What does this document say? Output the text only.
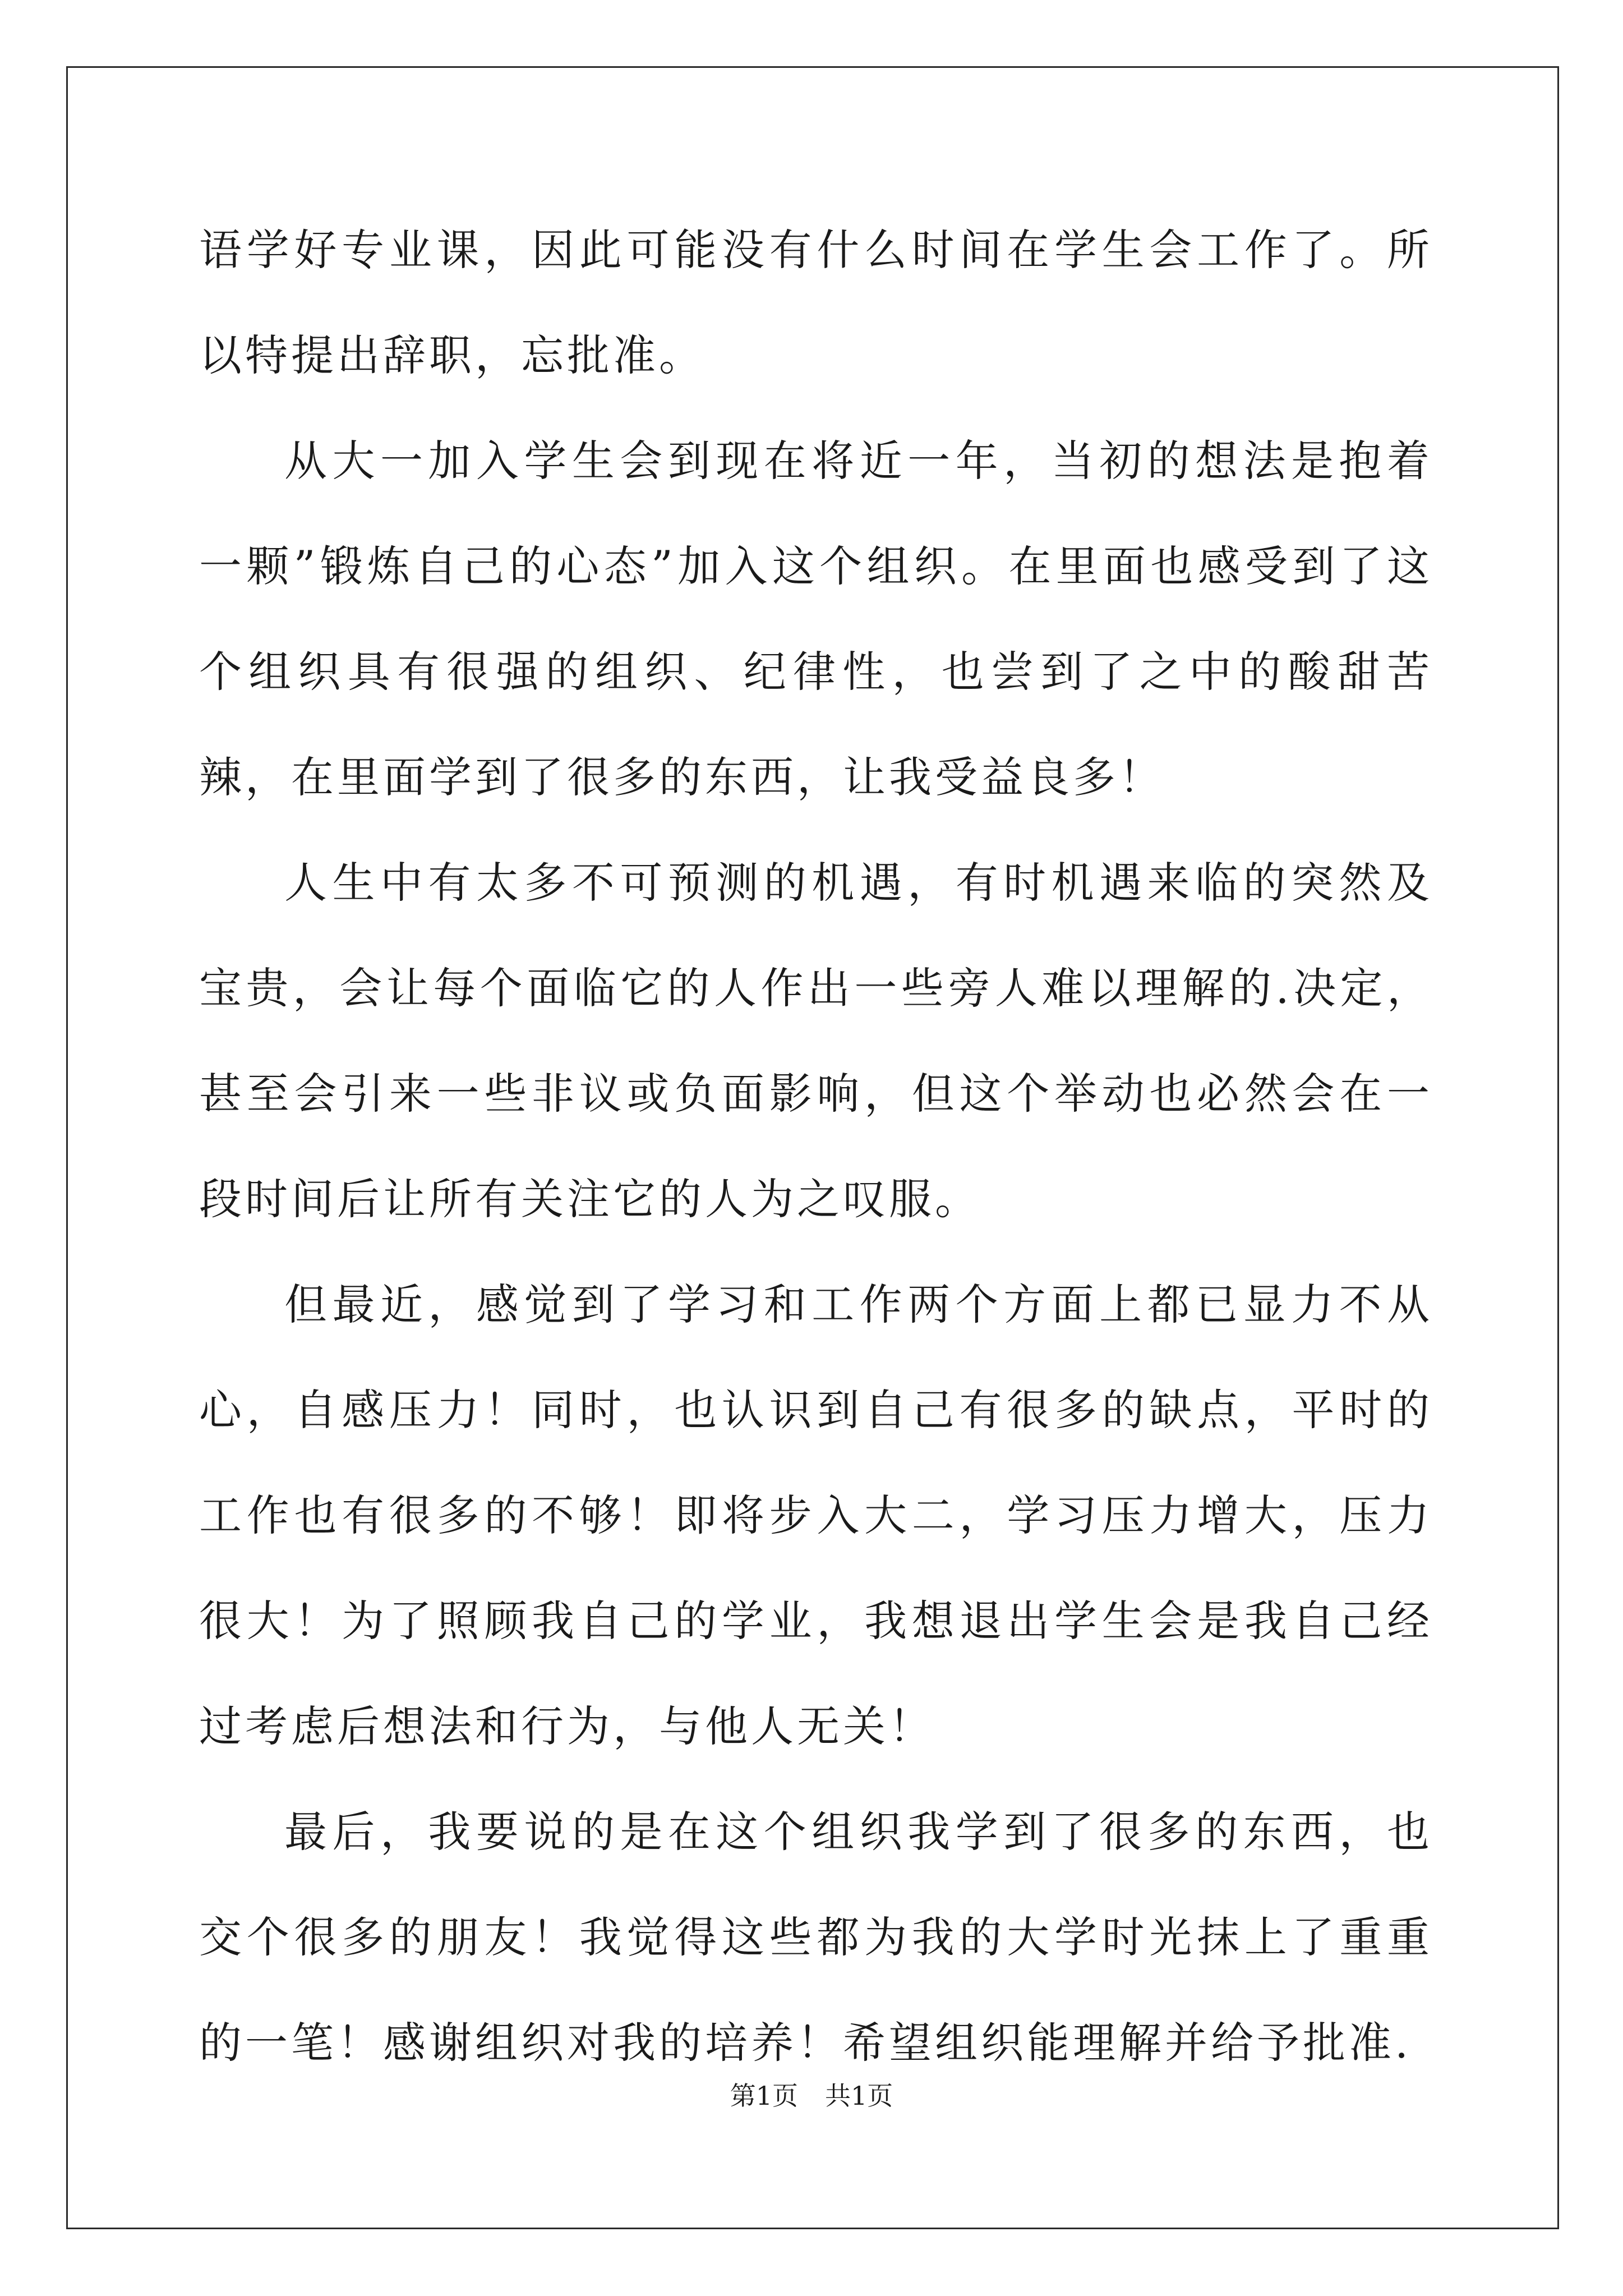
语学好专业课，因此可能没有什么时间在学生会工作了。所以特提出辞职，忘批准。

从大一加入学生会到现在将近一年，当初的想法是抱着一颗”锻炼自己的心态”加入这个组织。在里面也感受到了这个组织具有很强的组织、纪律性，也尝到了之中的酸甜苦辣，在里面学到了很多的东西，让我受益良多！

人生中有太多不可预测的机遇，有时机遇来临的突然及宝贵，会让每个面临它的人作出一些旁人难以理解的.决定，甚至会引来一些非议或负面影响，但这个举动也必然会在一段时间后让所有关注它的人为之叹服。

但最近，感觉到了学习和工作两个方面上都已显力不从心，自感压力！同时，也认识到自己有很多的缺点，平时的工作也有很多的不够！即将步入大二，学习压力增大，压力很大！为了照顾我自己的学业，我想退出学生会是我自己经过考虑后想法和行为，与他人无关！

最后，我要说的是在这个组织我学到了很多的东西，也交个很多的朋友！我觉得这些都为我的大学时光抹上了重重的一笔！感谢组织对我的培养！希望组织能理解并给予批准.

第1页 共1页
